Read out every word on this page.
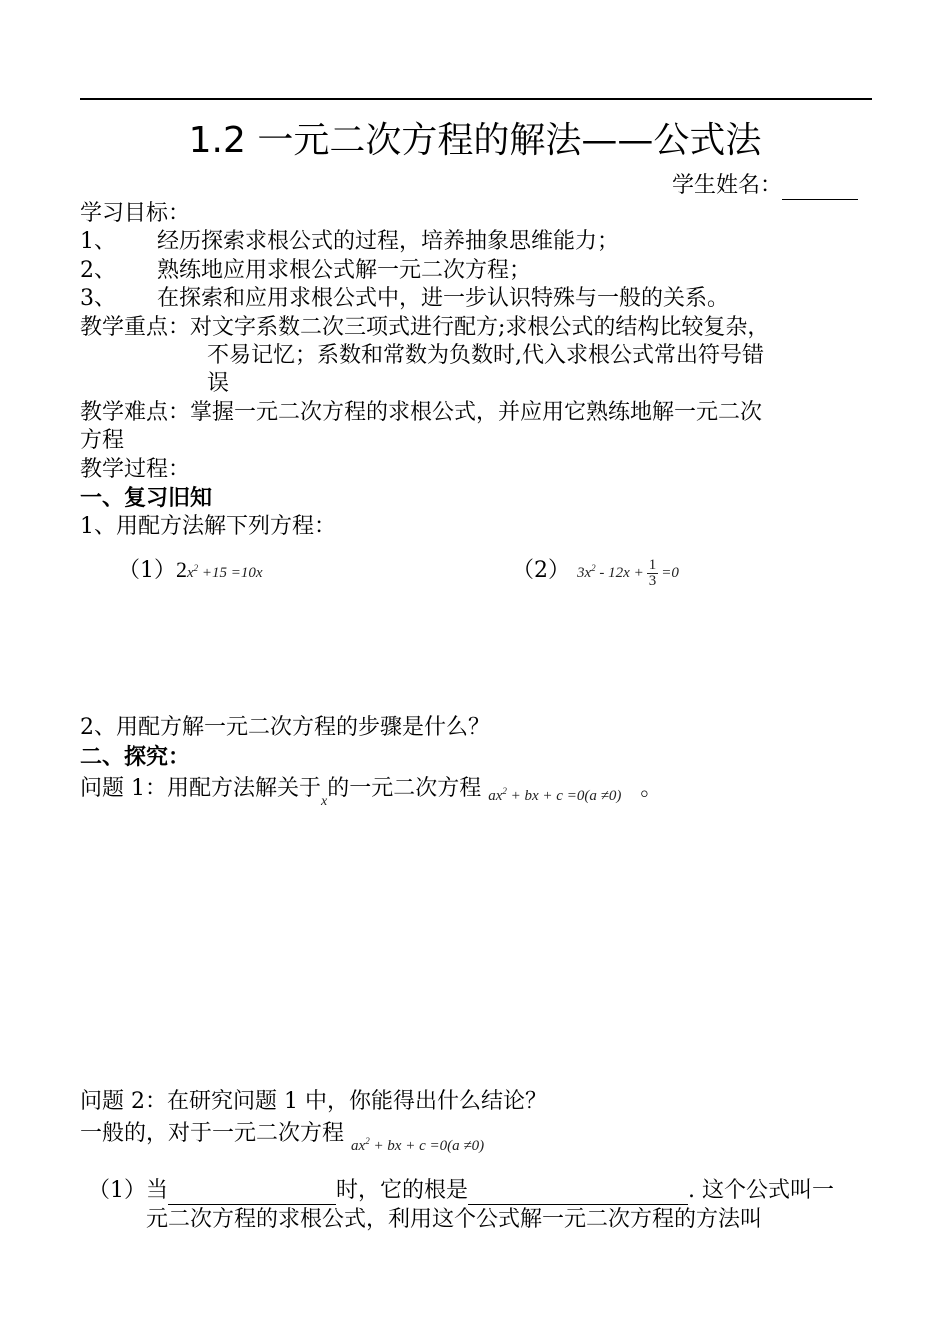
1.2 一元二次方程的解法——公式法
学生姓名：
学习目标：
1、 经历探索求根公式的过程，培养抽象思维能力；
2、 熟练地应用求根公式解一元二次方程；
3、 在探索和应用求根公式中，进一步认识特殊与一般的关系。
教学重点：对文字系数二次三项式进行配方;求根公式的结构比较复杂，
不易记忆；系数和常数为负数时,代入求根公式常出符号错
误
教学难点：掌握一元二次方程的求根公式，并应用它熟练地解一元二次
方程
教学过程：
一、复习旧知
1、用配方法解下列方程：
$(1)2x^2 +15 =10x$	（2） $3x^2 - 12x + \frac{1}{3} =0$
2、用配方解一元二次方程的步骤是什么？
二、探究：
问题 1：用配方法解关于$_x$的一元二次方程 $_{ax^2 + bx + c =0(a \ne 0)}$ 。
问题 2：在研究问题 1 中，你能得出什么结论？
一般的，对于一元二次方程 $_{ax^2 + bx + c =0(a \ne 0)}$
（1）当	时，它的根是	. 这个公式叫一
元二次方程的求根公式，利用这个公式解一元二次方程的方法叫
